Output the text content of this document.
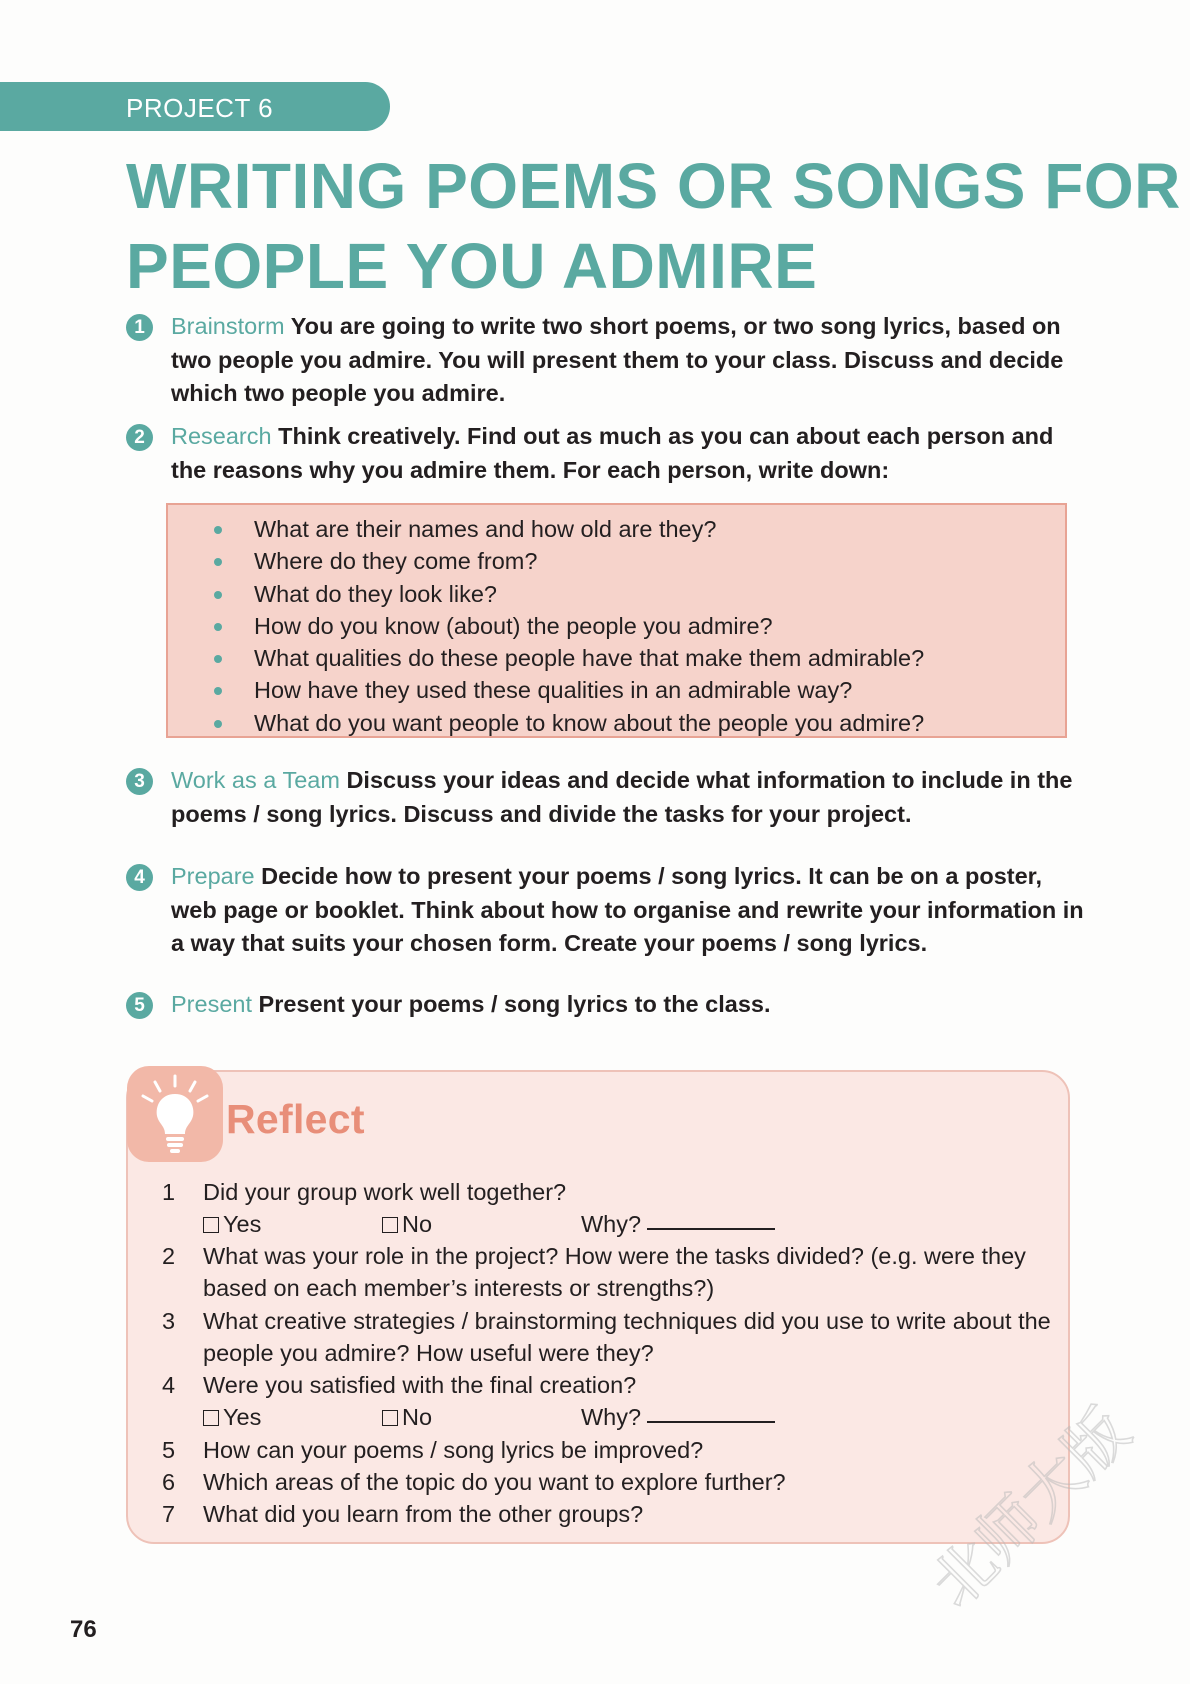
PROJECT 6
WRITING POEMS OR SONGS FOR
PEOPLE YOU ADMIRE
1	Brainstorm You are going to write two short poems, or two song lyrics, based on two people you admire. You will present them to your class. Discuss and decide which two people you admire.
2	Research Think creatively. Find out as much as you can about each person and the reasons why you admire them. For each person, write down:
What are their names and how old are they?
Where do they come from?
What do they look like?
How do you know (about) the people you admire?
What qualities do these people have that make them admirable?
How have they used these qualities in an admirable way?
What do you want people to know about the people you admire?
3	Work as a Team Discuss your ideas and decide what information to include in the poems / song lyrics. Discuss and divide the tasks for your project.
4	Prepare Decide how to present your poems / song lyrics. It can be on a poster, web page or booklet. Think about how to organise and rewrite your information in a way that suits your chosen form. Create your poems / song lyrics.
5	Present Present your poems / song lyrics to the class.
Reflect
1	Did your group work well together?
Yes	No	Why?
2	What was your role in the project? How were the tasks divided? (e.g. were they
based on each member’s interests or strengths?)
3	What creative strategies / brainstorming techniques did you use to write about the
people you admire? How useful were they?
4	Were you satisfied with the final creation?
Yes	No	Why?
5	How can your poems / song lyrics be improved?
6	Which areas of the topic do you want to explore further?
7	What did you learn from the other groups?	北师大版
76
